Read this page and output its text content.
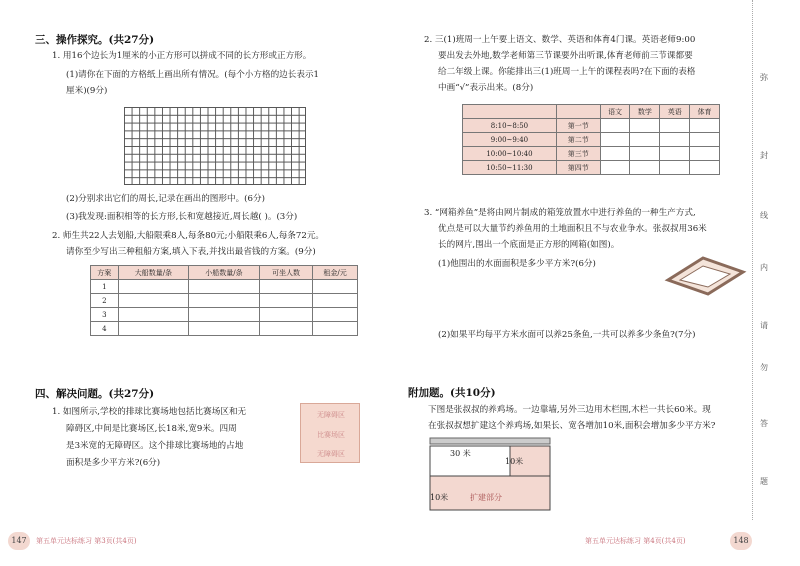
三、操作探究。(共27分)
1. 用16个边长为1厘米的小正方形可以拼成不同的长方形或正方形。
(1)请你在下面的方格纸上画出所有情况。(每个小方格的边长表示1
厘米)(9分)
(2)分别求出它们的周长,记录在画出的图形中。(6分)
(3)我发现:面积相等的长方形,长和宽越接近,周长越( )。(3分)
2. 师生共22人去划船,大船限乘8人,每条80元;小船限乘6人,每条72元。
请你至少写出三种租船方案,填入下表,并找出最省钱的方案。(9分)
方案	大船数量/条	小船数量/条	可坐人数	租金/元
1				
2				
3				
4				
四、解决问题。(共27分)
1. 如图所示,学校的排球比赛场地包括比赛场区和无
障碍区,中间是比赛场区,长18米,宽9米。四周
是3米宽的无障碍区。这个排球比赛场地的占地
面积是多少平方米?(6分)
无障碍区
比赛场区
无障碍区
147	第五单元达标练习 第3页(共4页)
2. 三(1)班周一上午要上语文、数学、英语和体育4门课。英语老师9:00
要出发去外地,数学老师第三节课要外出听课,体育老师前三节课都要
给二年级上课。你能排出三(1)班周一上午的课程表吗?在下面的表格
中画“√”表示出来。(8分)
		语文	数学	英语	体育
8:10~8:50	第一节				
9:00~9:40	第二节				
10:00~10:40	第三节				
10:50~11:30	第四节				
3. “网箱养鱼”是将由网片制成的箱笼放置水中进行养鱼的一种生产方式,
优点是可以大量节约养鱼用的土地面积且不与农业争水。张叔叔用36米
长的网片,围出一个底面是正方形的网箱(如图)。
(1)他围出的水面面积是多少平方米?(6分)
(2)如果平均每平方米水面可以养25条鱼,一共可以养多少条鱼?(7分)
附加题。(共10分)
下图是张叔叔的养鸡场。一边靠墙,另外三边用木栏围,木栏一共长60米。现
在张叔叔想扩建这个养鸡场,如果长、宽各增加10米,面积会增加多少平方米?
30 米
10米
10米	扩建部分
第五单元达标练习 第4页(共4页)	148
弥
封
线
内
请
勿
答
题
